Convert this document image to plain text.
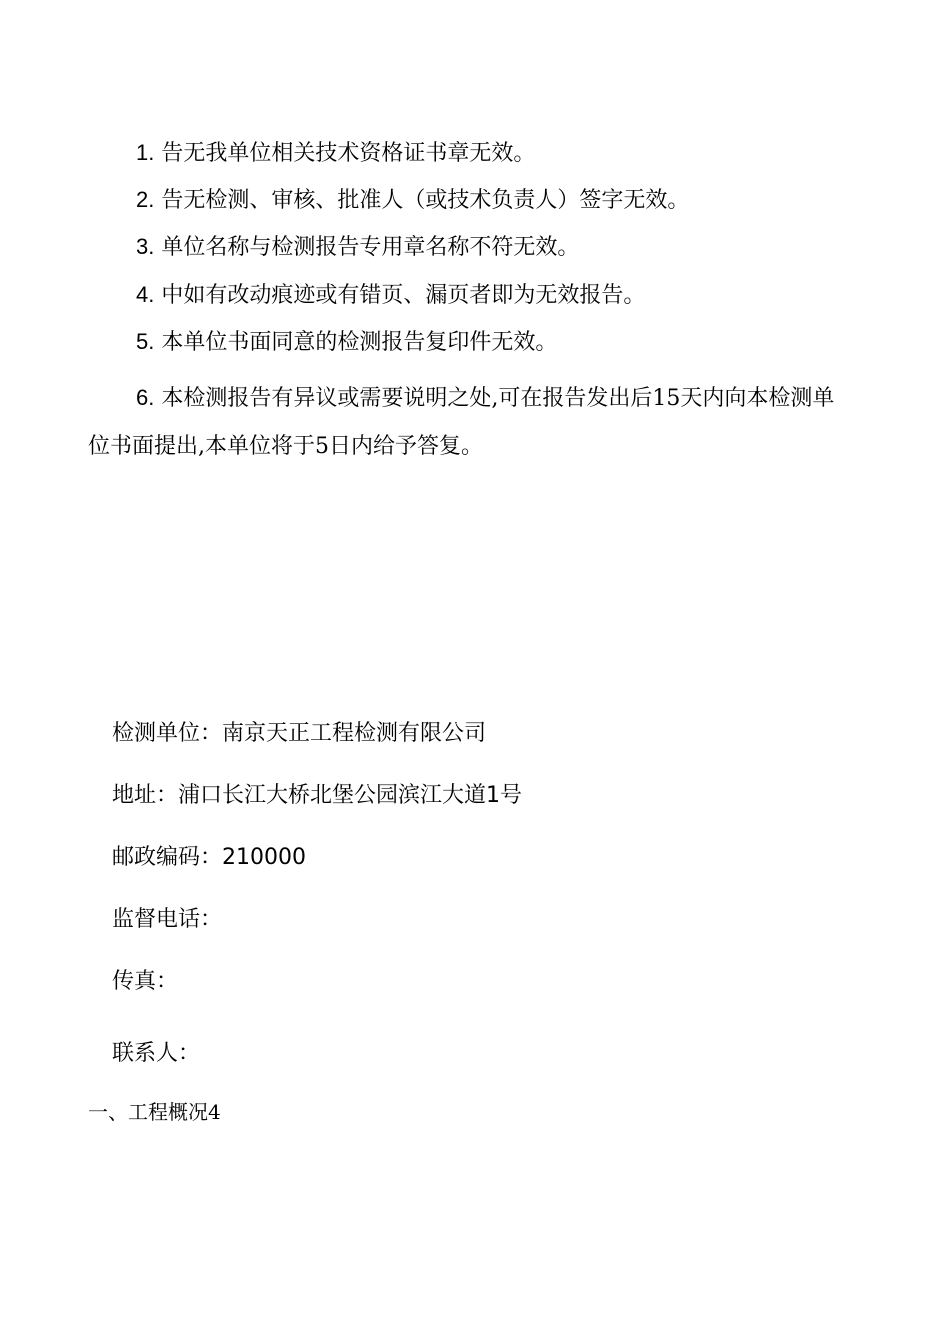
1. 告无我单位相关技术资格证书章无效。
2. 告无检测、审核、批准人（或技术负责人）签字无效。
3. 单位名称与检测报告专用章名称不符无效。
4. 中如有改动痕迹或有错页、漏页者即为无效报告。
5. 本单位书面同意的检测报告复印件无效。
6. 本检测报告有异议或需要说明之处,可在报告发出后15天内向本检测单位书面提出,本单位将于5日内给予答复。
检测单位：南京天正工程检测有限公司
地址：浦口长江大桥北堡公园滨江大道1号
邮政编码：210000
监督电话：
传真：
联系人：
一、工程概况4
